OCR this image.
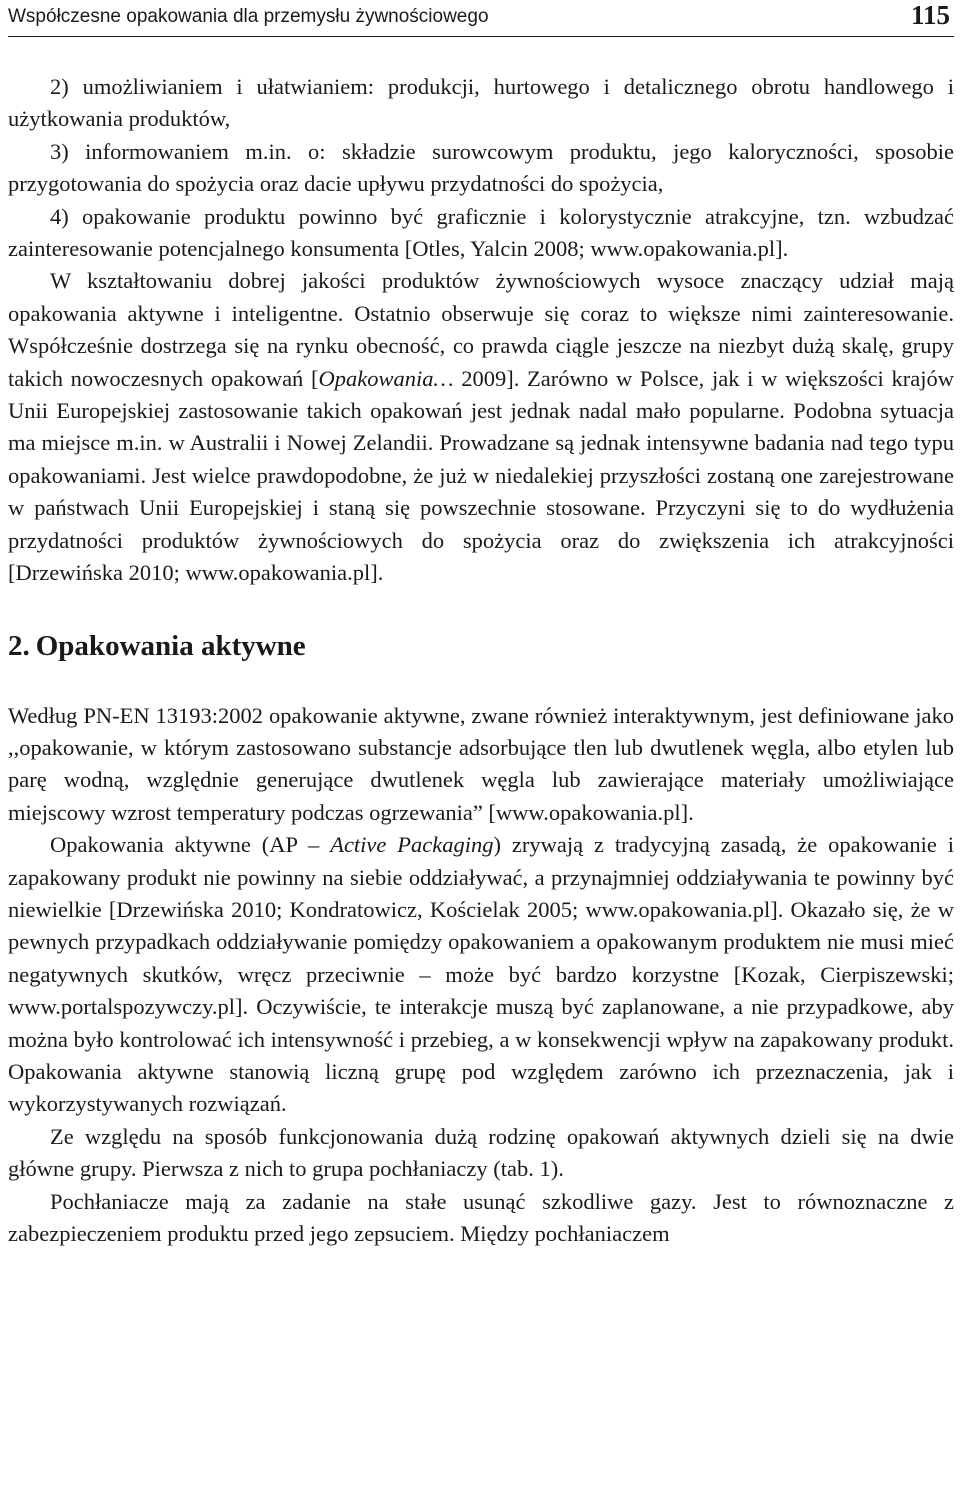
Współczesne opakowania dla przemysłu żywnościowego	115

2) umożliwianiem i ułatwianiem: produkcji, hurtowego i detalicznego obrotu handlowego i użytkowania produktów,

3) informowaniem m.in. o: składzie surowcowym produktu, jego kaloryczności, sposobie przygotowania do spożycia oraz dacie upływu przydatności do spożycia,

4) opakowanie produktu powinno być graficznie i kolorystycznie atrakcyjne, tzn. wzbudzać zainteresowanie potencjalnego konsumenta [Otles, Yalcin 2008; www.opakowania.pl].

W kształtowaniu dobrej jakości produktów żywnościowych wysoce znaczący udział mają opakowania aktywne i inteligentne. Ostatnio obserwuje się coraz to większe nimi zainteresowanie. Współcześnie dostrzega się na rynku obecność, co prawda ciągle jeszcze na niezbyt dużą skalę, grupy takich nowoczesnych opakowań [Opakowania… 2009]. Zarówno w Polsce, jak i w większości krajów Unii Europejskiej zastosowanie takich opakowań jest jednak nadal mało popularne. Podobna sytuacja ma miejsce m.in. w Australii i Nowej Zelandii. Prowadzane są jednak intensywne badania nad tego typu opakowaniami. Jest wielce prawdopodobne, że już w niedalekiej przyszłości zostaną one zarejestrowane w państwach Unii Europejskiej i staną się powszechnie stosowane. Przyczyni się to do wydłużenia przydatności produktów żywnościowych do spożycia oraz do zwiększenia ich atrakcyjności [Drzewińska 2010; www.opakowania.pl].

2. Opakowania aktywne

Według PN-EN 13193:2002 opakowanie aktywne, zwane również interaktywnym, jest definiowane jako ,,opakowanie, w którym zastosowano substancje adsorbujące tlen lub dwutlenek węgla, albo etylen lub parę wodną, względnie generujące dwutlenek węgla lub zawierające materiały umożliwiające miejscowy wzrost temperatury podczas ogrzewania” [www.opakowania.pl].

Opakowania aktywne (AP – Active Packaging) zrywają z tradycyjną zasadą, że opakowanie i zapakowany produkt nie powinny na siebie oddziaływać, a przynajmniej oddziaływania te powinny być niewielkie [Drzewińska 2010; Kondratowicz, Kościelak 2005; www.opakowania.pl]. Okazało się, że w pewnych przypadkach oddziaływanie pomiędzy opakowaniem a opakowanym produktem nie musi mieć negatywnych skutków, wręcz przeciwnie – może być bardzo korzystne [Kozak, Cierpiszewski; www.portalspozywczy.pl]. Oczywiście, te interakcje muszą być zaplanowane, a nie przypadkowe, aby można było kontrolować ich intensywność i przebieg, a w konsekwencji wpływ na zapakowany produkt. Opakowania aktywne stanowią liczną grupę pod względem zarówno ich przeznaczenia, jak i wykorzystywanych rozwiązań.

Ze względu na sposób funkcjonowania dużą rodzinę opakowań aktywnych dzieli się na dwie główne grupy. Pierwsza z nich to grupa pochłaniaczy (tab. 1).

Pochłaniacze mają za zadanie na stałe usunąć szkodliwe gazy. Jest to równoznaczne z zabezpieczeniem produktu przed jego zepsuciem. Między pochłaniaczem
